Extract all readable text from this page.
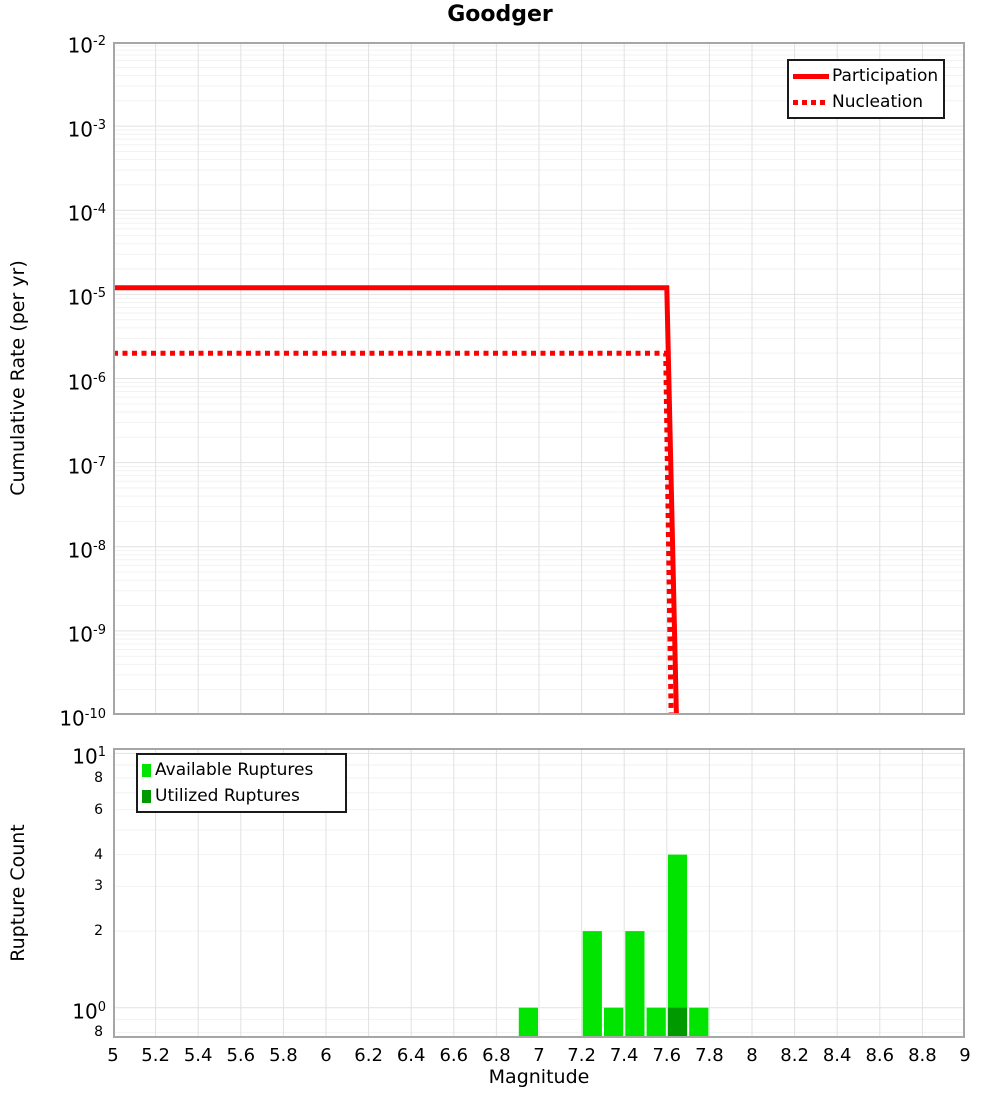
Goodger
Cumulative Rate (per yr)
Rupture Count
Magnitude
$10^{-2}$
$10^{-3}$
$10^{-4}$
$10^{-5}$
$10^{-6}$
$10^{-7}$
$10^{-8}$
$10^{-9}$
$10^{-10}$
$10^1$
8
6
4
3
2
$10^0$
8
5	5.2 5.4 5.6 5.8	6	6.2 6.4 6.6 6.8	7	7.2 7.4 7.6 7.8	8	8.2 8.4 8.6 8.8	9
Participation
Nucleation
Available Ruptures
Utilized Ruptures
